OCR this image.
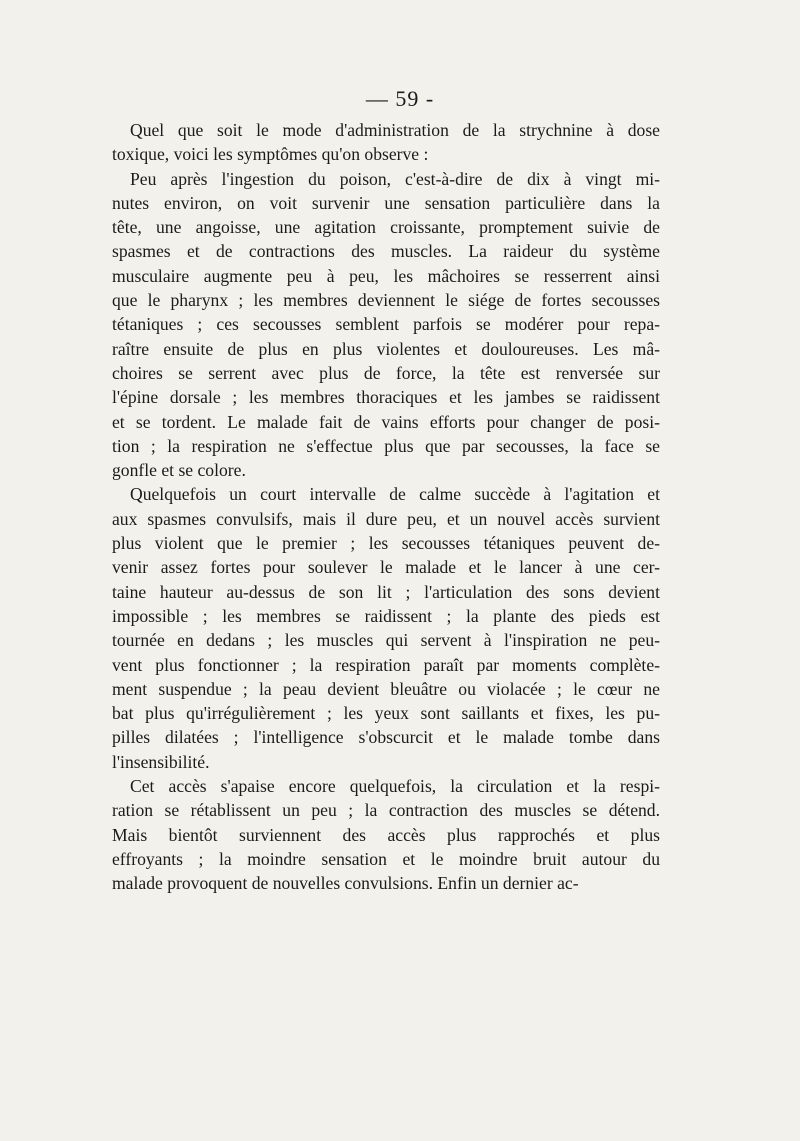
— 59 -
Quel que soit le mode d'administration de la strychnine à dose
toxique, voici les symptômes qu'on observe :
Peu après l'ingestion du poison, c'est-à-dire de dix à vingt mi-
nutes environ, on voit survenir une sensation particulière dans la
tête, une angoisse, une agitation croissante, promptement suivie de
spasmes et de contractions des muscles. La raideur du système
musculaire augmente peu à peu, les mâchoires se resserrent ainsi
que le pharynx ; les membres deviennent le siége de fortes secousses
tétaniques ; ces secousses semblent parfois se modérer pour repa-
raître ensuite de plus en plus violentes et douloureuses. Les mâ-
choires se serrent avec plus de force, la tête est renversée sur
l'épine dorsale ; les membres thoraciques et les jambes se raidissent
et se tordent. Le malade fait de vains efforts pour changer de posi-
tion ; la respiration ne s'effectue plus que par secousses, la face se
gonfle et se colore.
Quelquefois un court intervalle de calme succède à l'agitation et
aux spasmes convulsifs, mais il dure peu, et un nouvel accès survient
plus violent que le premier ; les secousses tétaniques peuvent de-
venir assez fortes pour soulever le malade et le lancer à une cer-
taine hauteur au-dessus de son lit ; l'articulation des sons devient
impossible ; les membres se raidissent ; la plante des pieds est
tournée en dedans ; les muscles qui servent à l'inspiration ne peu-
vent plus fonctionner ; la respiration paraît par moments complète-
ment suspendue ; la peau devient bleuâtre ou violacée ; le cœur ne
bat plus qu'irrégulièrement ; les yeux sont saillants et fixes, les pu-
pilles dilatées ; l'intelligence s'obscurcit et le malade tombe dans
l'insensibilité.
Cet accès s'apaise encore quelquefois, la circulation et la respi-
ration se rétablissent un peu ; la contraction des muscles se détend.
Mais bientôt surviennent des accès plus rapprochés et plus
effroyants ; la moindre sensation et le moindre bruit autour du
malade provoquent de nouvelles convulsions. Enfin un dernier ac-
